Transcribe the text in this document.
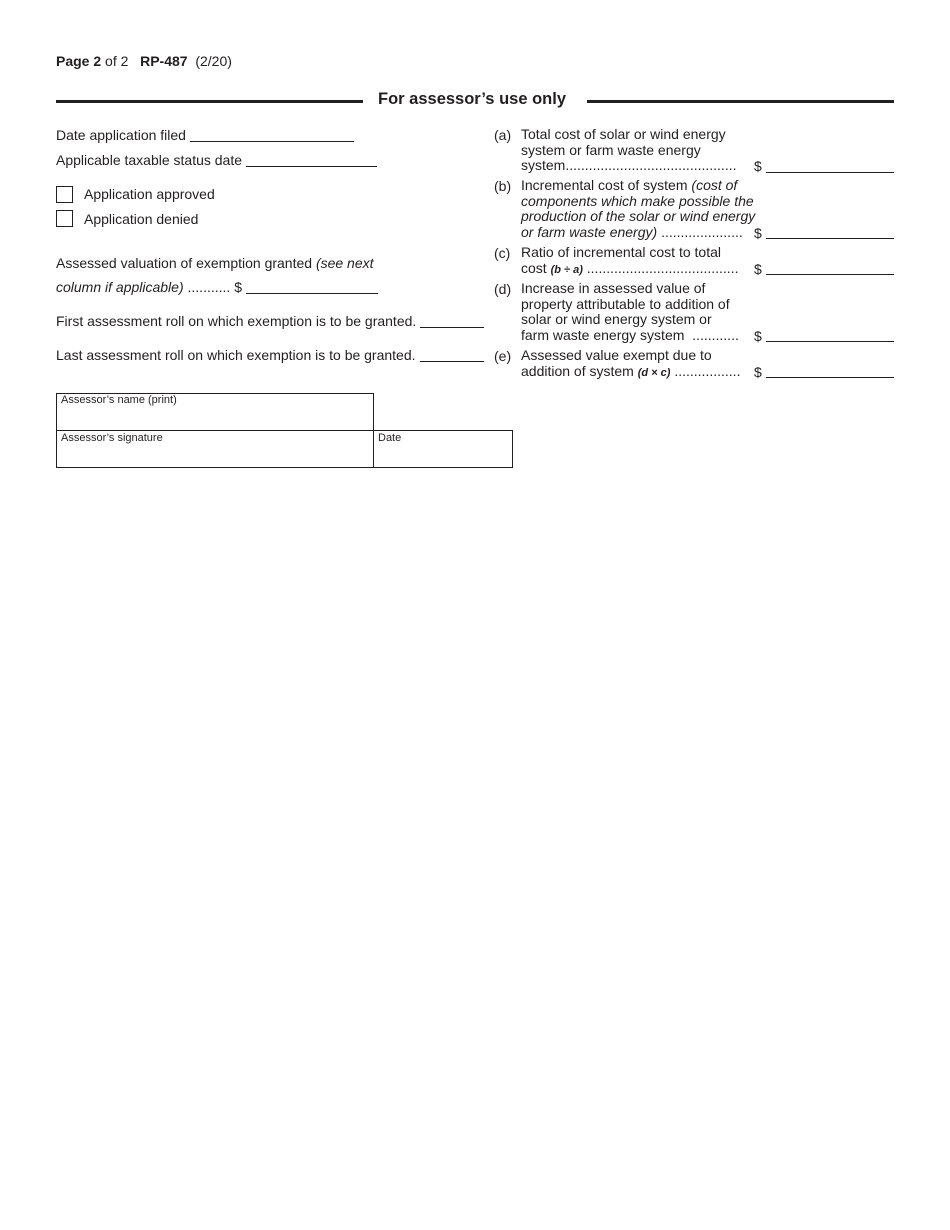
Page 2 of 2 RP-487 (2/20)
For assessor’s use only
Date application filed
Applicable taxable status date
Application approved
Application denied
Assessed valuation of exemption granted (see next
column if applicable) ........... $
First assessment roll on which exemption is to be granted.
Last assessment roll on which exemption is to be granted.
(a) Total cost of solar or wind energy
system or farm waste energy
system............................................ $
(b) Incremental cost of system (cost of
components which make possible the
production of the solar or wind energy
or farm waste energy) ..................... $
(c) Ratio of incremental cost to total
cost (b ÷ a) ....................................... $
(d) Increase in assessed value of
property attributable to addition of
solar or wind energy system or
farm waste energy system ............ $
(e) Assessed value exempt due to
addition of system (d × c) ................. $
Assessor’s name (print)
Assessor’s signature	Date
